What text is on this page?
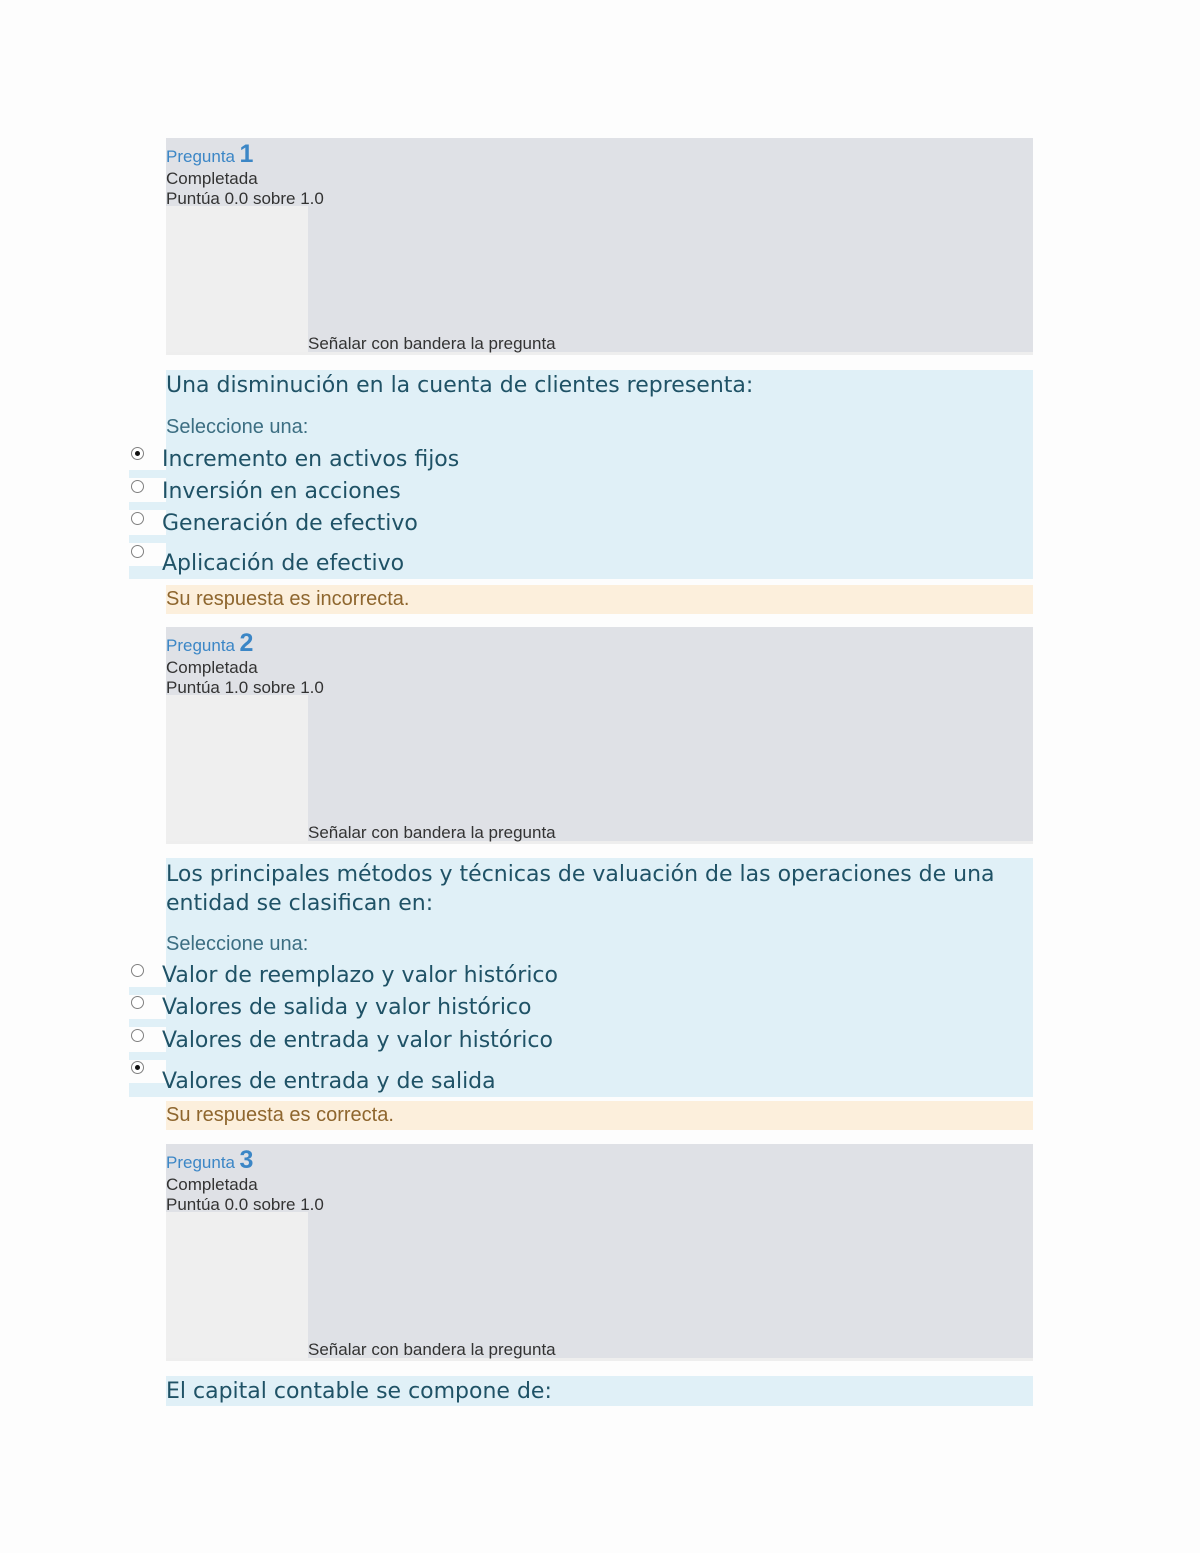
Pregunta 1
Completada
Puntúa 0.0 sobre 1.0
Señalar con bandera la pregunta
Una disminución en la cuenta de clientes representa:
Seleccione una:
Incremento en activos fijos
Inversión en acciones
Generación de efectivo
Aplicación de efectivo
Su respuesta es incorrecta.
Pregunta 2
Completada
Puntúa 1.0 sobre 1.0
Señalar con bandera la pregunta
Los principales métodos y técnicas de valuación de las operaciones de una entidad se clasifican en:
Seleccione una:
Valor de reemplazo y valor histórico
Valores de salida y valor histórico
Valores de entrada y valor histórico
Valores de entrada y de salida
Su respuesta es correcta.
Pregunta 3
Completada
Puntúa 0.0 sobre 1.0
Señalar con bandera la pregunta
El capital contable se compone de:
